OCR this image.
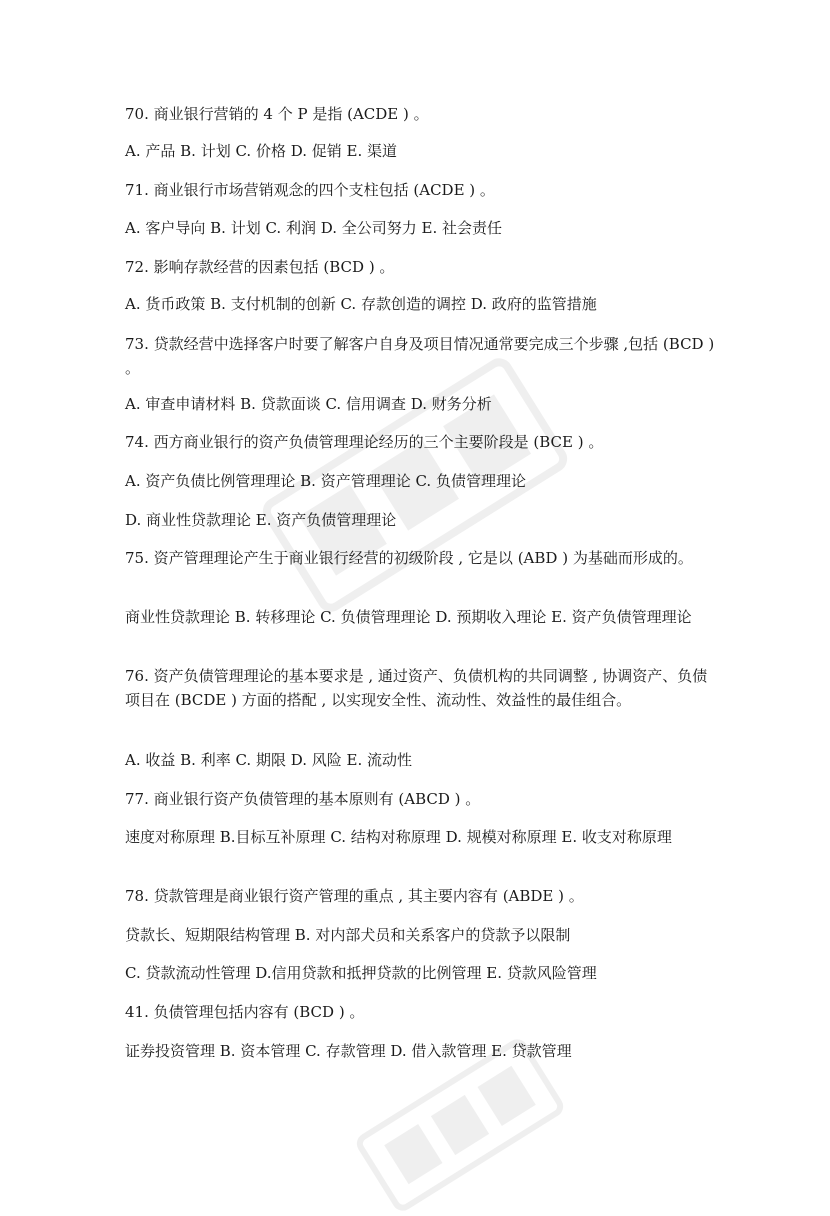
70. 商业银行营销的 4 个 P 是指 (ACDE ) 。
A. 产品 B. 计划 C. 价格 D. 促销 E. 渠道
71. 商业银行市场营销观念的四个支柱包括 (ACDE ) 。
A. 客户导向 B. 计划 C. 利润 D. 全公司努力 E. 社会责任
72. 影响存款经营的因素包括 (BCD ) 。
A. 货币政策 B. 支付机制的创新 C. 存款创造的调控 D. 政府的监管措施
73. 贷款经营中选择客户时要了解客户自身及项目情况通常要完成三个步骤 ,包括 (BCD ) 。
A. 审查申请材料 B. 贷款面谈 C. 信用调查 D. 财务分析
74. 西方商业银行的资产负债管理理论经历的三个主要阶段是 (BCE ) 。
A. 资产负债比例管理理论 B. 资产管理理论 C. 负债管理理论
D. 商业性贷款理论 E. 资产负债管理理论
75. 资产管理理论产生于商业银行经营的初级阶段 , 它是以 (ABD ) 为基础而形成的。
商业性贷款理论 B. 转移理论 C. 负债管理理论 D. 预期收入理论 E. 资产负债管理理论
76. 资产负债管理理论的基本要求是 , 通过资产、负债机构的共同调整 , 协调资产、负债项目在 (BCDE ) 方面的搭配 , 以实现安全性、流动性、效益性的最佳组合。
A. 收益 B. 利率 C. 期限 D. 风险 E. 流动性
77. 商业银行资产负债管理的基本原则有 (ABCD ) 。
速度对称原理 B.目标互补原理 C. 结构对称原理 D. 规模对称原理 E. 收支对称原理
78. 贷款管理是商业银行资产管理的重点 , 其主要内容有 (ABDE ) 。
贷款长、短期限结构管理 B. 对内部犬员和关系客户的贷款予以限制
C. 贷款流动性管理 D.信用贷款和抵押贷款的比例管理 E. 贷款风险管理
41. 负债管理包括内容有 (BCD ) 。
证券投资管理 B. 资本管理 C. 存款管理 D. 借入款管理 E. 贷款管理
